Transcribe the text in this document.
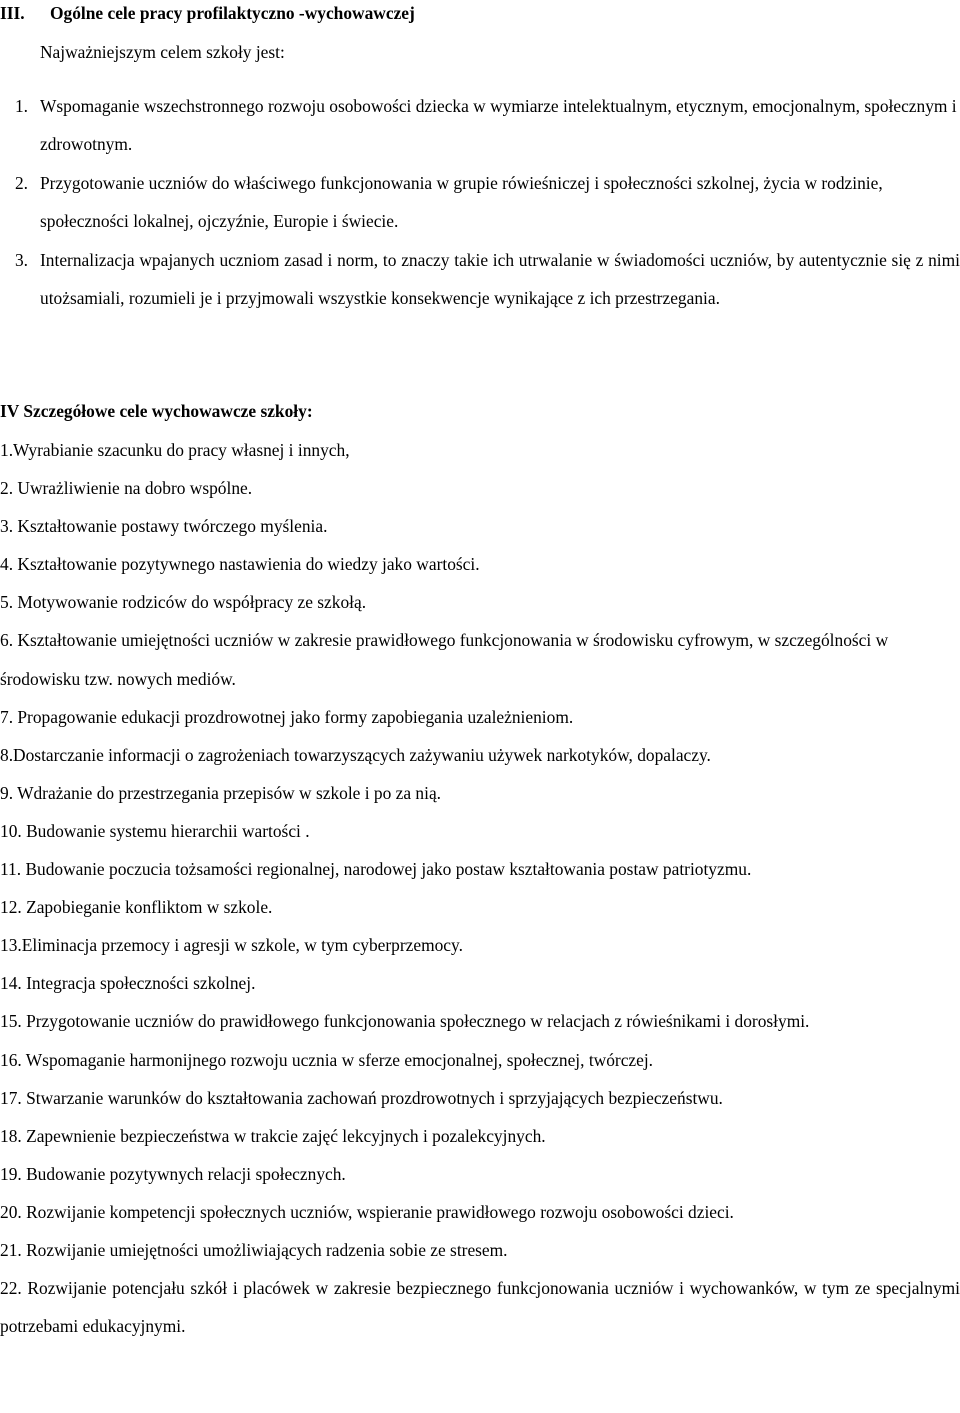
III.	Ogólne cele pracy profilaktyczno -wychowawczej
Najważniejszym celem szkoły jest:
1. Wspomaganie wszechstronnego rozwoju osobowości dziecka w wymiarze intelektualnym, etycznym, emocjonalnym, społecznym i zdrowotnym.
2. Przygotowanie uczniów do właściwego funkcjonowania w grupie rówieśniczej i społeczności szkolnej, życia w rodzinie, społeczności lokalnej, ojczyźnie, Europie i świecie.
3. Internalizacja wpajanych uczniom zasad i norm, to znaczy takie ich utrwalanie w świadomości uczniów, by autentycznie się z nimi utożsamiali, rozumieli je i przyjmowali wszystkie konsekwencje wynikające z ich przestrzegania.
IV Szczegółowe cele wychowawcze szkoły:
1.Wyrabianie szacunku do pracy własnej i innych,
2. Uwrażliwienie na dobro wspólne.
3. Kształtowanie postawy twórczego myślenia.
4. Kształtowanie pozytywnego nastawienia do wiedzy jako wartości.
5. Motywowanie rodziców do współpracy ze szkołą.
6. Kształtowanie umiejętności uczniów w zakresie prawidłowego funkcjonowania w środowisku cyfrowym, w szczególności w środowisku tzw. nowych mediów.
7. Propagowanie edukacji prozdrowotnej jako formy zapobiegania uzależnieniom.
8.Dostarczanie informacji o zagrożeniach towarzyszących zażywaniu używek narkotyków, dopalaczy.
9. Wdrażanie do przestrzegania przepisów w szkole i po za nią.
10. Budowanie systemu hierarchii wartości .
11. Budowanie poczucia tożsamości regionalnej, narodowej jako postaw kształtowania postaw patriotyzmu.
12. Zapobieganie konfliktom w szkole.
13.Eliminacja przemocy i agresji w szkole, w tym cyberprzemocy.
14. Integracja społeczności szkolnej.
15. Przygotowanie uczniów do prawidłowego funkcjonowania społecznego w relacjach z rówieśnikami i dorosłymi.
16. Wspomaganie harmonijnego rozwoju ucznia w sferze emocjonalnej, społecznej, twórczej.
17. Stwarzanie warunków do kształtowania zachowań prozdrowotnych i sprzyjających bezpieczeństwu.
18. Zapewnienie bezpieczeństwa w trakcie zajęć lekcyjnych i pozalekcyjnych.
19. Budowanie pozytywnych relacji społecznych.
20. Rozwijanie kompetencji społecznych uczniów, wspieranie prawidłowego rozwoju osobowości dzieci.
21. Rozwijanie umiejętności umożliwiających radzenia sobie ze stresem.
22. Rozwijanie potencjału szkół i placówek w zakresie bezpiecznego funkcjonowania uczniów i wychowanków, w tym ze specjalnymi potrzebami edukacyjnymi.
